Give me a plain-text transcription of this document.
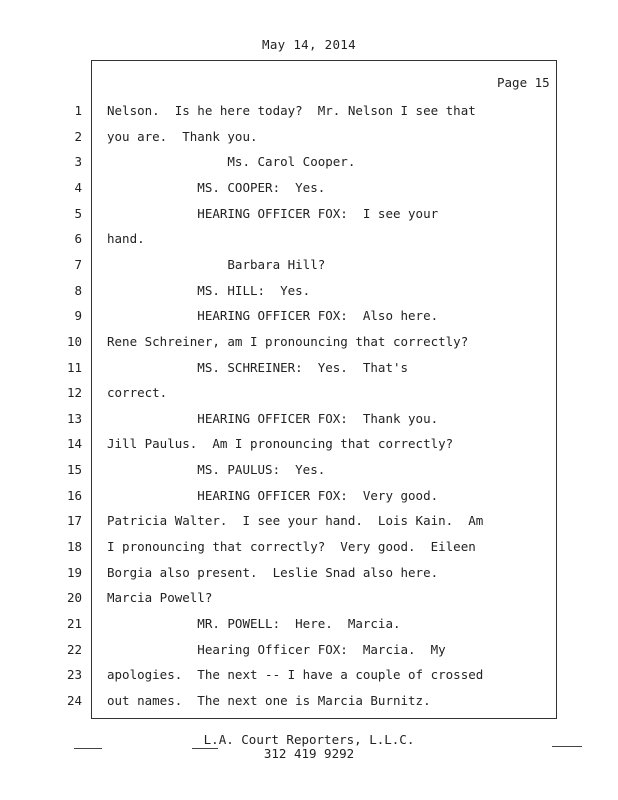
May 14, 2014
Page 15
1 Nelson.  Is he here today?  Mr. Nelson I see that
2 you are.  Thank you.
3 Ms. Carol Cooper.
4 MS. COOPER:  Yes.
5 HEARING OFFICER FOX:  I see your
6 hand.
7 Barbara Hill?
8 MS. HILL:  Yes.
9 HEARING OFFICER FOX:  Also here.
10 Rene Schreiner, am I pronouncing that correctly?
11 MS. SCHREINER:  Yes.  That's
12 correct.
13 HEARING OFFICER FOX:  Thank you.
14 Jill Paulus.  Am I pronouncing that correctly?
15 MS. PAULUS:  Yes.
16 HEARING OFFICER FOX:  Very good.
17 Patricia Walter.  I see your hand.  Lois Kain.  Am
18 I pronouncing that correctly?  Very good.  Eileen
19 Borgia also present.  Leslie Snad also here.
20 Marcia Powell?
21 MR. POWELL:  Here.  Marcia.
22 Hearing Officer FOX:  Marcia.  My
23 apologies.  The next -- I have a couple of crossed
24 out names.  The next one is Marcia Burnitz.
L.A. Court Reporters, L.L.C.
312 419 9292
